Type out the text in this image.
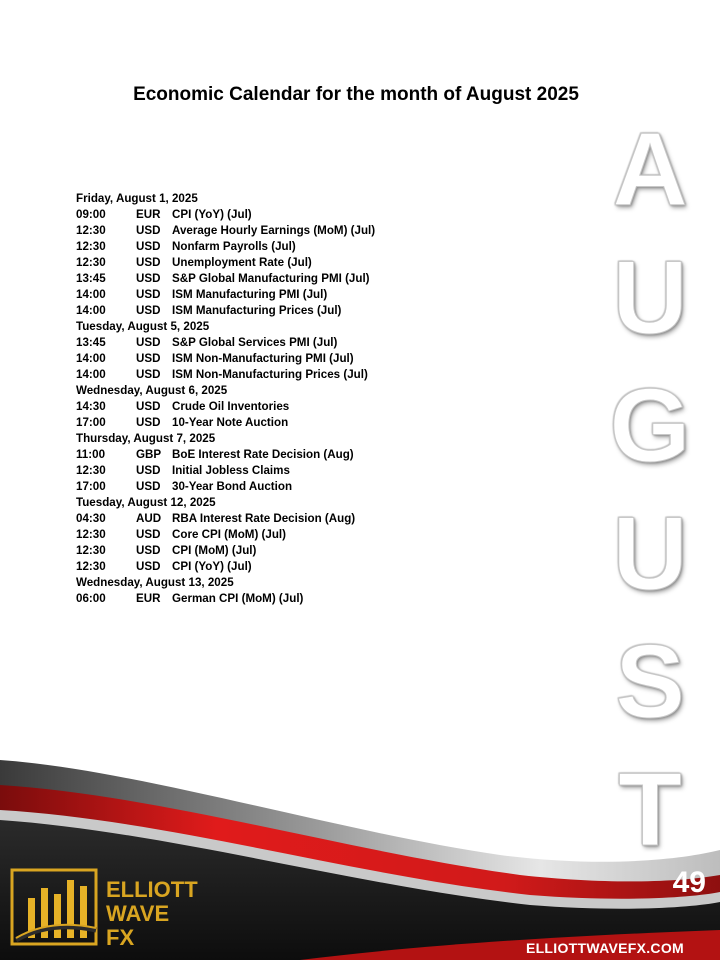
Economic Calendar for the month of August 2025
A
U
G
U
S
T
Friday, August 1, 2025
09:00	EUR CPI (YoY) (Jul)
12:30	USD Average Hourly Earnings (MoM) (Jul)
12:30	USD Nonfarm Payrolls (Jul)
12:30	USD Unemployment Rate (Jul)
13:45	USD S&P Global Manufacturing PMI (Jul)
14:00	USD ISM Manufacturing PMI (Jul)
14:00	USD ISM Manufacturing Prices (Jul)
Tuesday, August 5, 2025
13:45	USD S&P Global Services PMI (Jul)
14:00	USD ISM Non-Manufacturing PMI (Jul)
14:00	USD ISM Non-Manufacturing Prices (Jul)
Wednesday, August 6, 2025
14:30	USD Crude Oil Inventories
17:00	USD 10-Year Note Auction
Thursday, August 7, 2025
11:00	GBP BoE Interest Rate Decision (Aug)
12:30	USD Initial Jobless Claims
17:00	USD 30-Year Bond Auction
Tuesday, August 12, 2025
04:30	AUD RBA Interest Rate Decision (Aug)
12:30	USD Core CPI (MoM) (Jul)
12:30	USD CPI (MoM) (Jul)
12:30	USD CPI (YoY) (Jul)
Wednesday, August 13, 2025
06:00	EUR German CPI (MoM) (Jul)
ELLIOTT
WAVE
FX
49
ELLIOTTWAVEFX.COM
